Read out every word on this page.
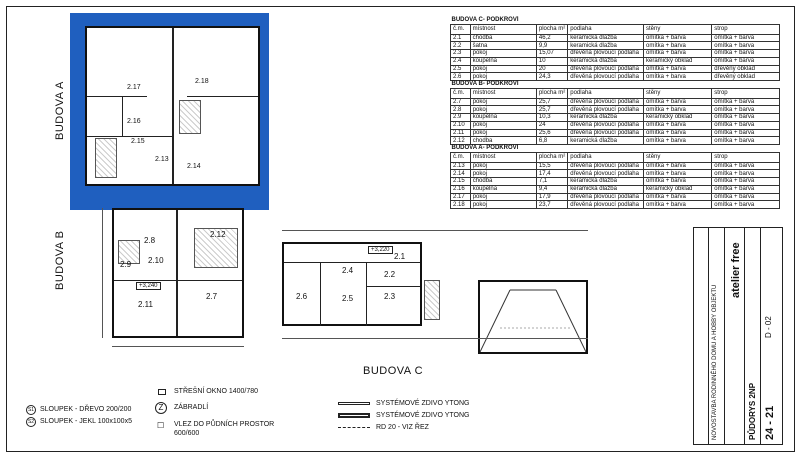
2.17
2.18
2.16
2.15
2.13
2.14
BUDOVA A
BUDOVA B
BUDOVA C
2.8
2.7
2.10
2.9
2.11
2.12
+3,240
2.1
2.6	2.5	2.3
2.4	2.2
+3,220
BUDOVA C- PODKROVÍ					
č.m.	místnost	plocha m²	podlaha	stěny	strop
2.1	chodba	46,2	keramická dlažba	omítka + barva	omítka + barva
2.2	šatna	9,9	keramická dlažba	omítka + barva	omítka + barva
2.3	pokoj	15,07	dřevěná plovoucí podlaha	omítka + barva	omítka + barva
2.4	koupelna	10	keramická dlažba	keramický obklad	omítka + barva
2.5	pokoj	20	dřevěná plovoucí podlaha	omítka + barva	dřevěný obklad
2.6	pokoj	24,3	dřevěná plovoucí podlaha	omítka + barva	dřevěný obklad
BUDOVA B- PODKROVÍ					
č.m.	místnost	plocha m²	podlaha	stěny	strop
2.7	pokoj	25,7	dřevěná plovoucí podlaha	omítka + barva	omítka + barva
2.8	pokoj	25,7	dřevěná plovoucí podlaha	omítka + barva	omítka + barva
2.9	koupelna	10,3	keramická dlažba	keramický obklad	omítka + barva
2.10	pokoj	24	dřevěná plovoucí podlaha	omítka + barva	omítka + barva
2.11	pokoj	25,6	dřevěná plovoucí podlaha	omítka + barva	omítka + barva
2.12	chodba	6,8	keramická dlažba	omítka + barva	omítka + barva
BUDOVA A- PODKROVÍ					
č.m.	místnost	plocha m²	podlaha	stěny	strop
2.13	pokoj	15,5	dřevěná plovoucí podlaha	omítka + barva	omítka + barva
2.14	pokoj	17,4	dřevěná plovoucí podlaha	omítka + barva	omítka + barva
2.15	chodba	7,1	keramická dlažba	omítka + barva	omítka + barva
2.16	koupelna	9,4	keramická dlažba	keramický obklad	omítka + barva
2.17	pokoj	17,9	dřevěná plovoucí podlaha	omítka + barva	omítka + barva
2.18	pokoj	23,7	dřevěná plovoucí podlaha	omítka + barva	omítka + barva
S1 SLOUPEK - DŘEVO 200/200
S2 SLOUPEK - JEKL 100x100x5
STŘEŠNÍ OKNO 1400/780
Z	ZÁBRADLÍ
☐ VLEZ DO PŮDNÍCH PROSTOR
600/600
SYSTÉMOVÉ ZDIVO YTONG
SYSTÉMOVÉ ZDIVO YTONG
RD 20 - VIZ ŘEZ	NOVOSTAVBA RODINNÉHO DOMU A HOBBY OBJEKTU	PŮDORYS 2NP 24 - 21
D - 02
atelier free
